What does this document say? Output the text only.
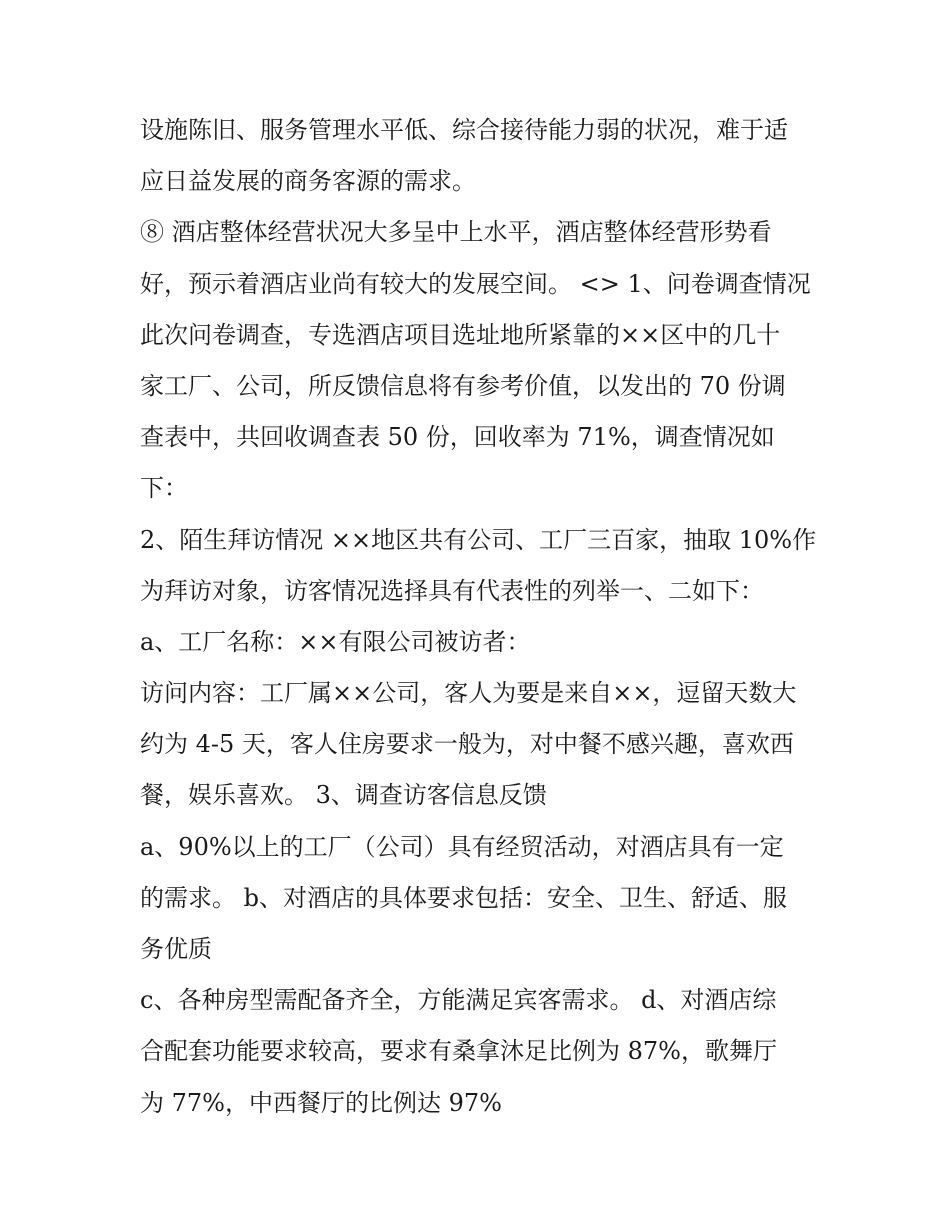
设施陈旧、服务管理水平低、综合接待能力弱的状况，难于适
应日益发展的商务客源的需求。
⑧ 酒店整体经营状况大多呈中上水平，酒店整体经营形势看
好，预示着酒店业尚有较大的发展空间。 <> 1、问卷调查情况
此次问卷调查，专选酒店项目选址地所紧靠的××区中的几十
家工厂、公司，所反馈信息将有参考价值，以发出的 70 份调
查表中，共回收调查表 50 份，回收率为 71%，调查情况如
下：
2、陌生拜访情况 ××地区共有公司、工厂三百家，抽取 10%作
为拜访对象，访客情况选择具有代表性的列举一、二如下：
a、工厂名称：××有限公司被访者：
访问内容：工厂属××公司，客人为要是来自××，逗留天数大
约为 4-5 天，客人住房要求一般为，对中餐不感兴趣，喜欢西
餐，娱乐喜欢。 3、调查访客信息反馈
a、90%以上的工厂（公司）具有经贸活动，对酒店具有一定
的需求。 b、对酒店的具体要求包括：安全、卫生、舒适、服
务优质
c、各种房型需配备齐全，方能满足宾客需求。 d、对酒店综
合配套功能要求较高，要求有桑拿沐足比例为 87%，歌舞厅
为 77%，中西餐厅的比例达 97%
